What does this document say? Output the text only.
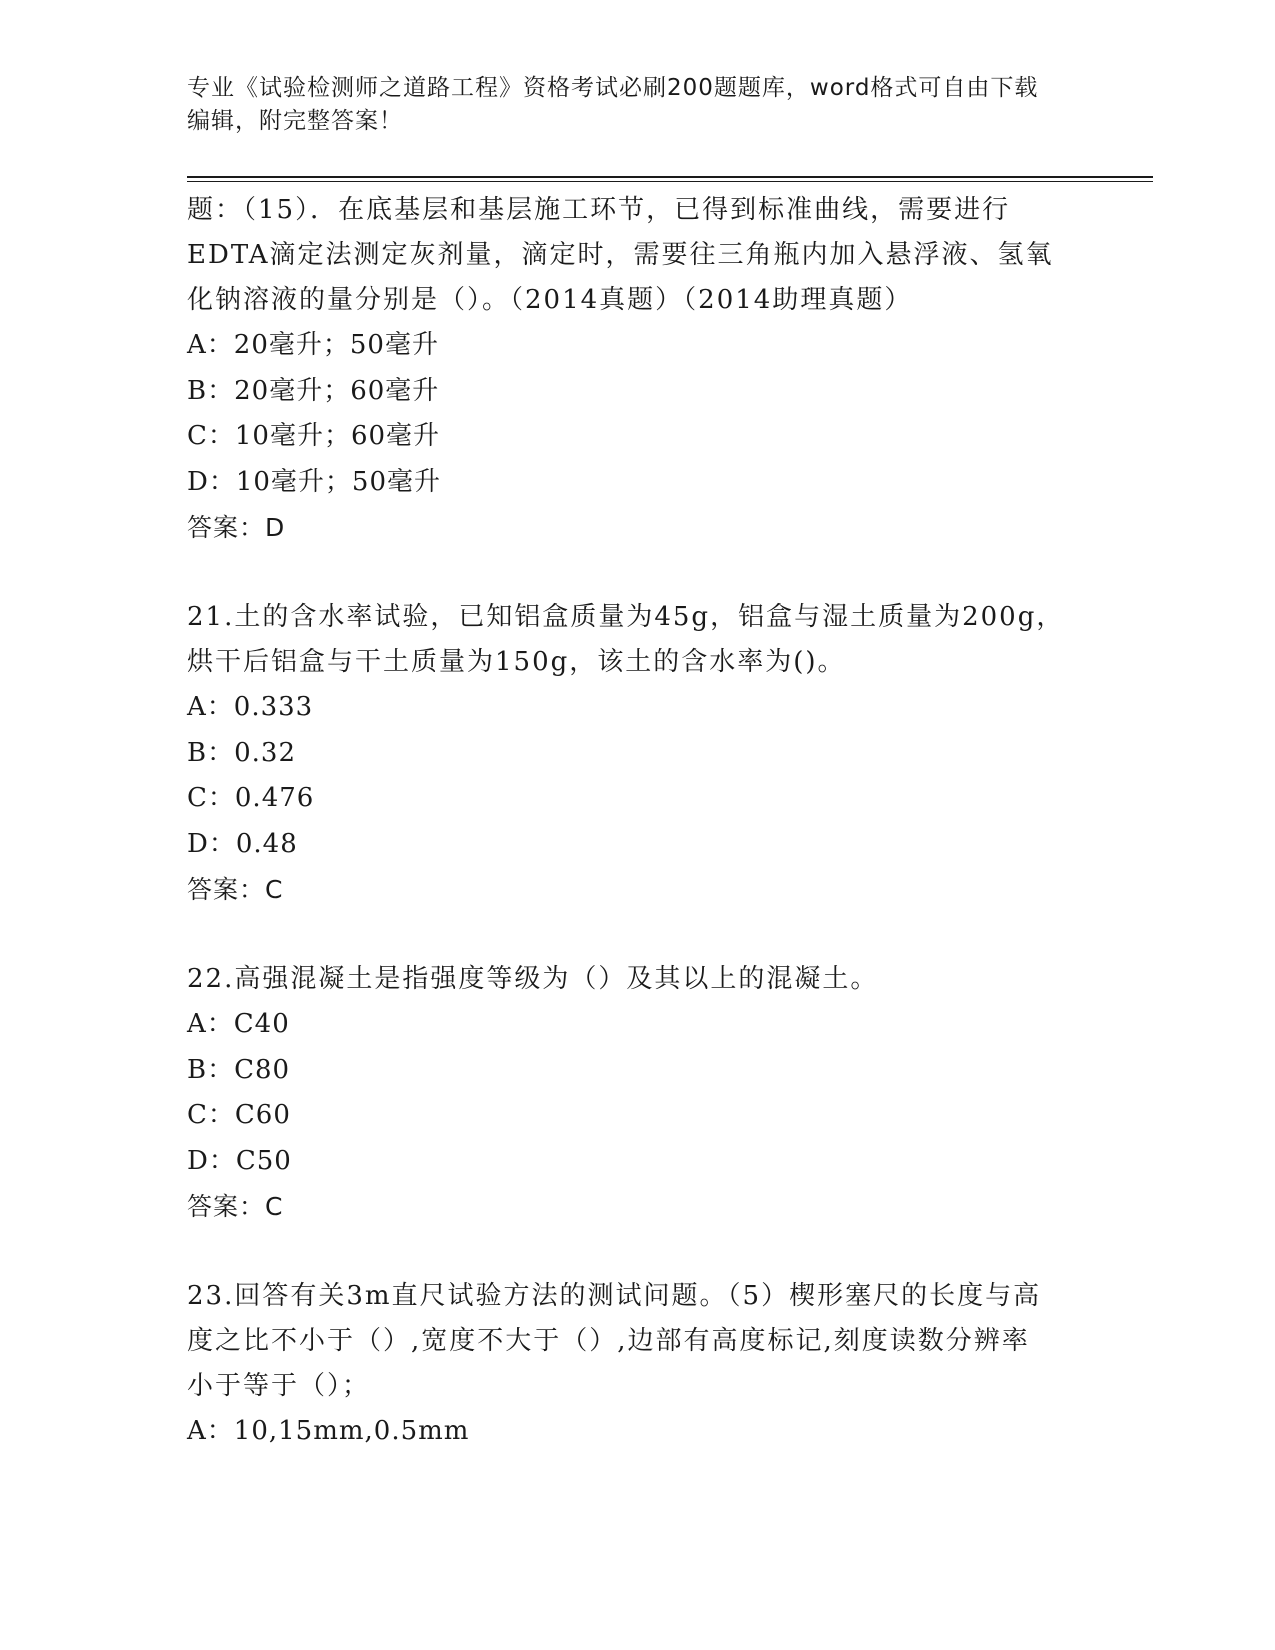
专业《试验检测师之道路工程》资格考试必刷200题题库，word格式可自由下载
编辑，附完整答案！

题：（15）．在底基层和基层施工环节，已得到标准曲线，需要进行

EDTA滴定法测定灰剂量，滴定时，需要往三角瓶内加入悬浮液、氢氧

化钠溶液的量分别是（）。（2014真题）（2014助理真题）

A：20毫升；50毫升

B：20毫升；60毫升

C：10毫升；60毫升

D：10毫升；50毫升

答案：D

21.土的含水率试验，已知铝盒质量为45g，铝盒与湿土质量为200g，

烘干后铝盒与干土质量为150g，该土的含水率为()。

A：0.333

B：0.32

C：0.476

D：0.48

答案：C

22.高强混凝土是指强度等级为（）及其以上的混凝土。

A：C40

B：C80

C：C60

D：C50

答案：C

23.回答有关3m直尺试验方法的测试问题。（5）楔形塞尺的长度与高

度之比不小于（）,宽度不大于（）,边部有高度标记,刻度读数分辨率

小于等于（）；

A：10,15mm,0.5mm
